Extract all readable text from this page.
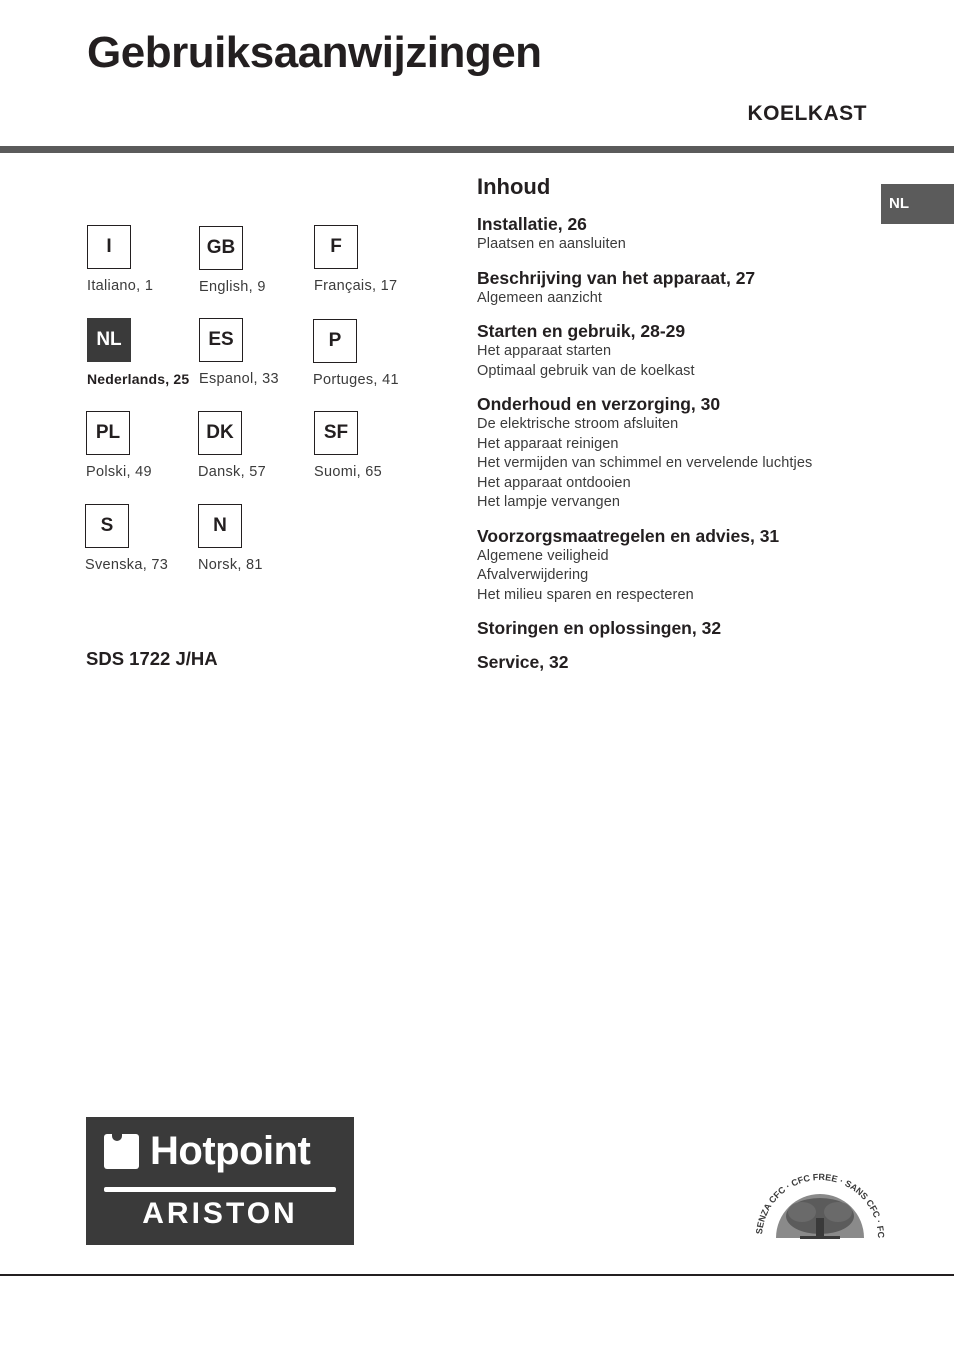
Gebruiksaanwijzingen
KOELKAST
NL
I
Italiano, 1
GB
English, 9
F
Français, 17
NL
Nederlands, 25
ES
Espanol, 33
P
Portuges, 41
PL
Polski, 49
DK
Dansk, 57
SF
Suomi, 65
S
Svenska, 73
N
Norsk, 81
SDS 1722 J/HA
Inhoud
Installatie, 26
Plaatsen en aansluiten
Beschrijving van het apparaat, 27
Algemeen aanzicht
Starten en gebruik, 28-29
Het apparaat starten
Optimaal gebruik van de koelkast
Onderhoud en verzorging, 30
De elektrische stroom afsluiten
Het apparaat reinigen
Het vermijden van schimmel en vervelende luchtjes
Het apparaat ontdooien
Het lampje vervangen
Voorzorgsmaatregelen en advies, 31
Algemene veiligheid
Afvalverwijdering
Het milieu sparen en respecteren
Storingen en oplossingen, 32
Service, 32
Hotpoint
ARISTON
SENZA CFC · CFC FREE · SANS CFC · FC
